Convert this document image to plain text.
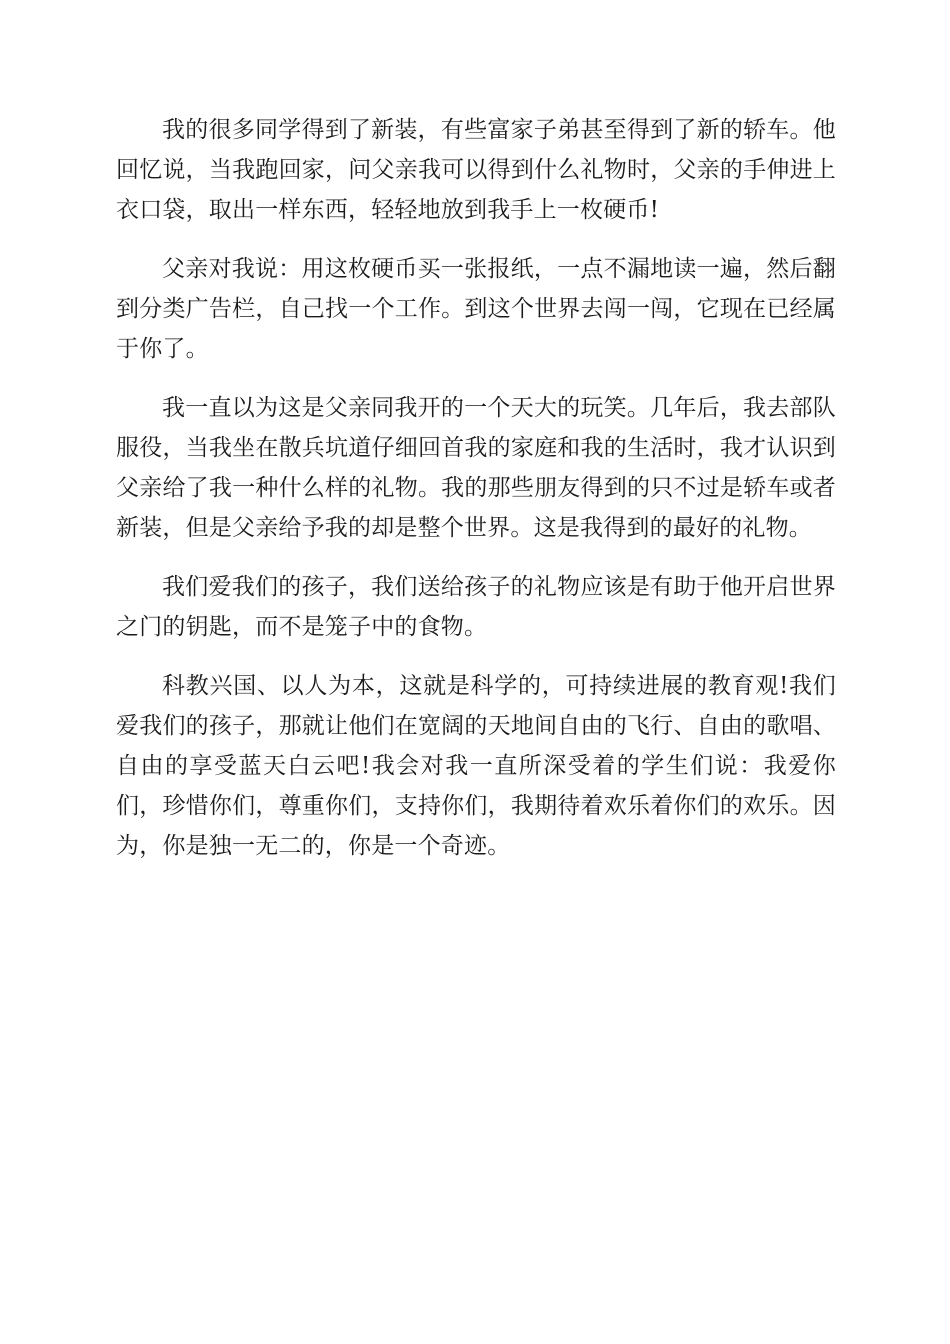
我的很多同学得到了新装，有些富家子弟甚至得到了新的轿车。他回忆说，当我跑回家，问父亲我可以得到什么礼物时，父亲的手伸进上衣口袋，取出一样东西，轻轻地放到我手上一枚硬币!

父亲对我说：用这枚硬币买一张报纸，一点不漏地读一遍，然后翻到分类广告栏，自己找一个工作。到这个世界去闯一闯，它现在已经属于你了。

我一直以为这是父亲同我开的一个天大的玩笑。几年后，我去部队服役，当我坐在散兵坑道仔细回首我的家庭和我的生活时，我才认识到父亲给了我一种什么样的礼物。我的那些朋友得到的只不过是轿车或者新装，但是父亲给予我的却是整个世界。这是我得到的最好的礼物。

我们爱我们的孩子，我们送给孩子的礼物应该是有助于他开启世界之门的钥匙，而不是笼子中的食物。

科教兴国、以人为本，这就是科学的，可持续进展的教育观!我们爱我们的孩子，那就让他们在宽阔的天地间自由的飞行、自由的歌唱、自由的享受蓝天白云吧!我会对我一直所深受着的学生们说：我爱你们，珍惜你们，尊重你们，支持你们，我期待着欢乐着你们的欢乐。因为，你是独一无二的，你是一个奇迹。
